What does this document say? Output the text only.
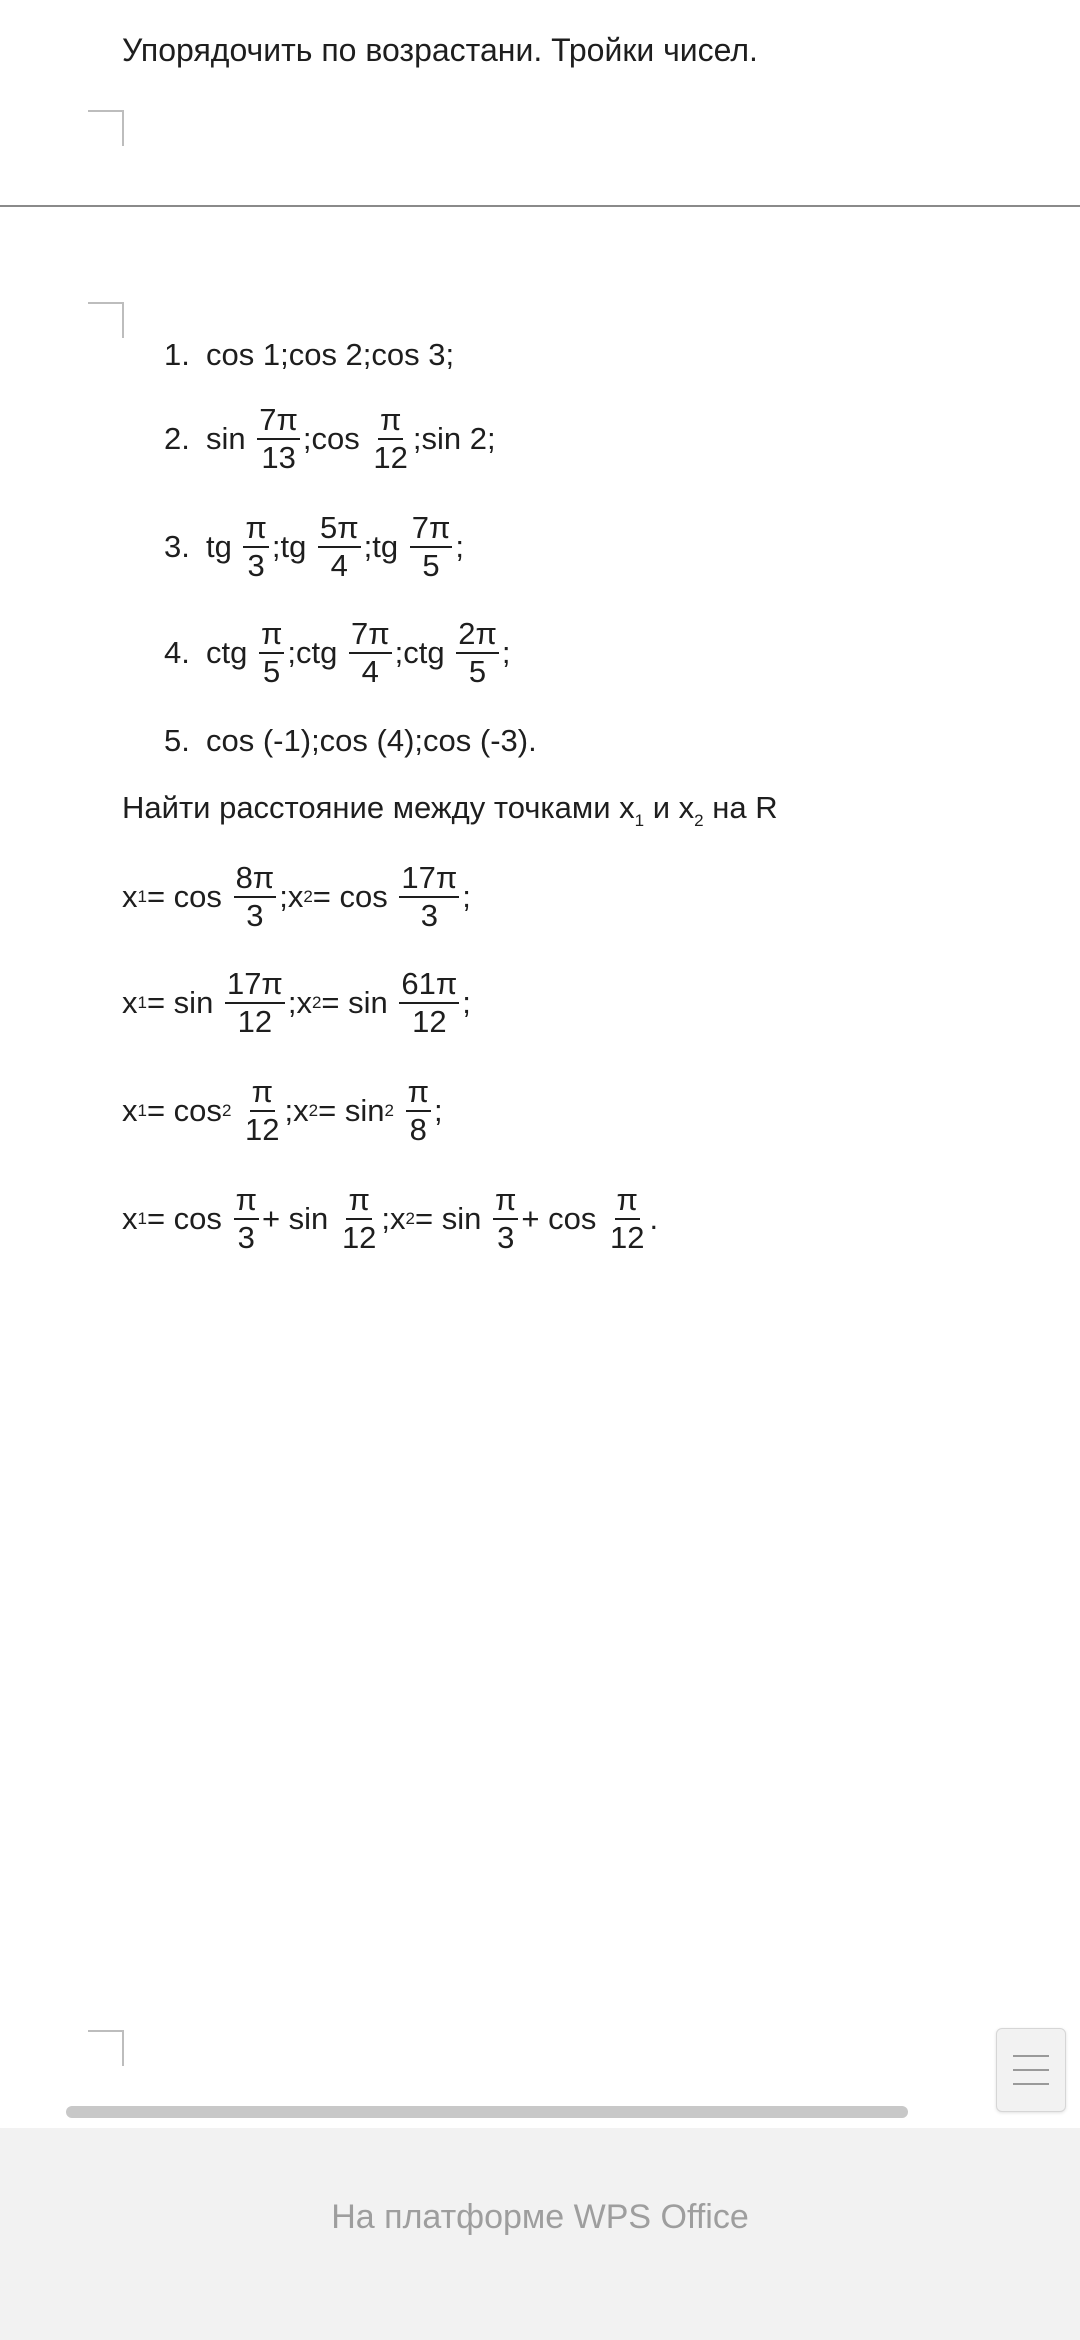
Упорядочить по возрастани. Тройки чисел.
1. cos 1;cos 2;cos 3;
2. sin
$\frac{7\pi}{13}$ ;cos
$\frac{\pi}{12}$ ;sin 2;
3. tg
$\frac{\pi}{3}$ ;tg
$\frac{5\pi}{4}$ ;tg
$\frac{7\pi}{5}$ ;
4. ctg
$\frac{\pi}{5}$ ;ctg
$\frac{7\pi}{4}$ ;ctg
$\frac{2\pi}{5}$ ;
5. cos (-1);cos (4);cos (-3).
Найти расстояние между точками $x_1$ и $x_2$ на R
x 1 = cos
$\frac{8\pi}{3}$ ;x 2 = cos
$\frac{17\pi}{3}$ ;
x 1 = sin
$\frac{17\pi}{12}$ ;x 2 = sin
$\frac{61\pi}{12}$ ;
x 1 = cos 2
$\frac{\pi}{12}$ ;x 2 = sin 2
$\frac{\pi}{8}$ ;
x 1 = cos
$\frac{\pi}{3} + \sin$
$\frac{\pi}{12}$ ;x 2 = sin
$\frac{\pi}{3} + \cos$
$\frac{\pi}{12}$ .
На платформе WPS Office
